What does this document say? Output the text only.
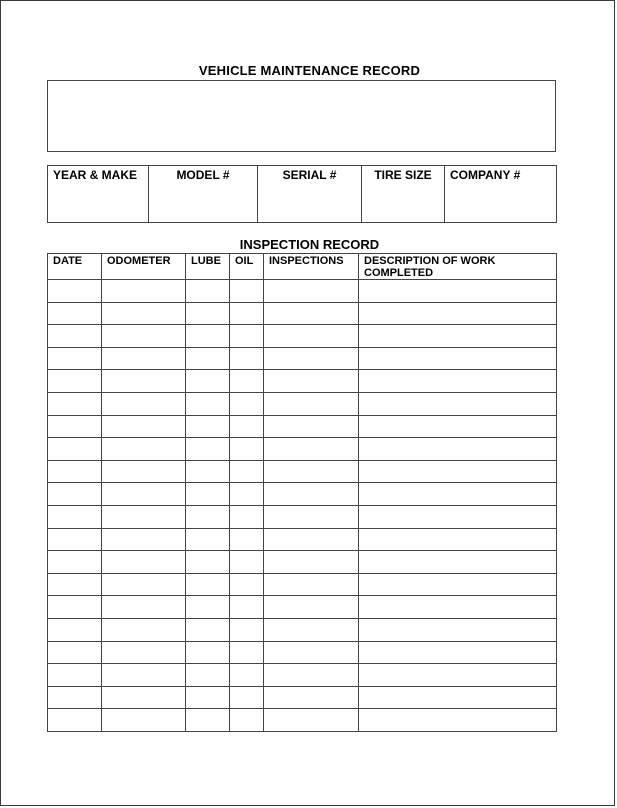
VEHICLE MAINTENANCE RECORD
YEAR & MAKE	MODEL #	SERIAL #	TIRE SIZE	COMPANY #
INSPECTION RECORD
DATE	ODOMETER	LUBE	OIL	INSPECTIONS	DESCRIPTION OF WORK COMPLETED
